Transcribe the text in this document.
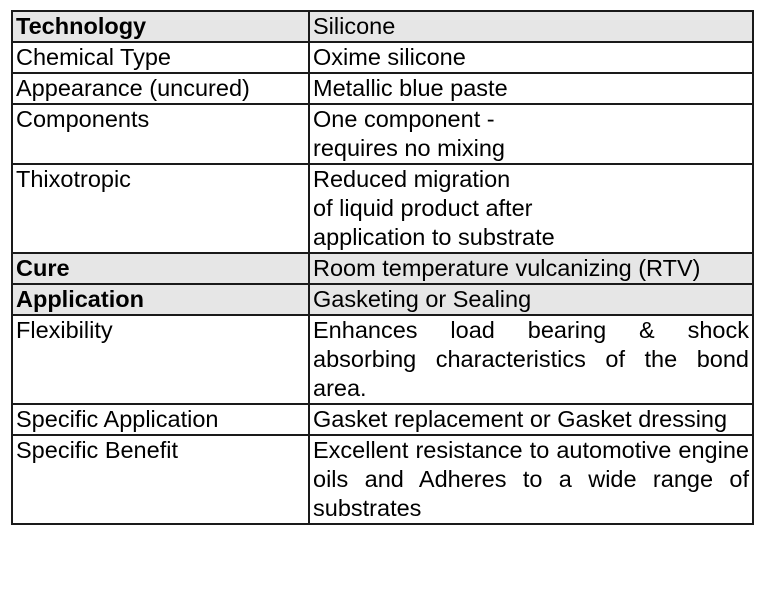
Technology	Silicone
Chemical Type	Oxime silicone
Appearance (uncured)	Metallic blue paste
Components	One component -
requires no mixing
Thixotropic	Reduced migration
of liquid product after
application to substrate
Cure	Room temperature vulcanizing (RTV)
Application	Gasketing or Sealing
Flexibility	Enhances load bearing & shock absorbing characteristics of the bond area.
Specific Application	Gasket replacement or Gasket dressing
Specific Benefit	Excellent resistance to automotive engine oils and Adheres to a wide range of substrates
